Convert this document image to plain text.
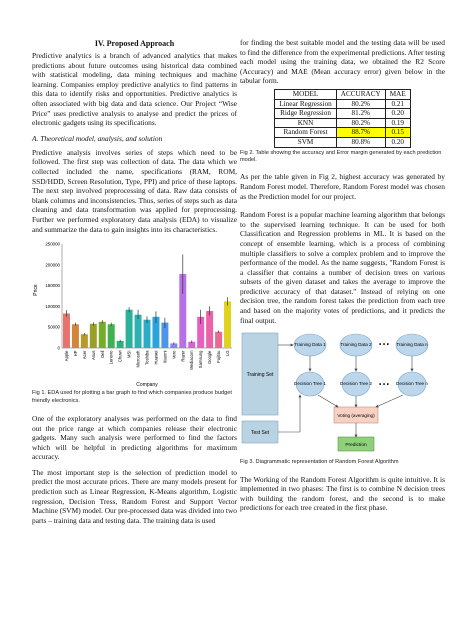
IV. Proposed Approach

Predictive analytics is a branch of advanced analytics that makes predictions about future outcomes using historical data combined with statistical modeling, data mining techniques and machine learning. Companies employ predictive analytics to find patterns in this data to identify risks and opportunities. Predictive analytics is often associated with big data and data science. Our Project “Wise Price” uses predictive analysis to analyse and predict the prices of electronic gadgets using its specifications.

A. Theoretical model, analysis, and solution

Predictive analysis involves series of steps which need to be followed. The first step was collection of data. The data which we collected included the name, specifications (RAM, ROM, SSD/HDD, Screen Resolution, Type, PPI) and price of these laptops. The next step involved preprocessing of data. Raw data consists of blank columns and inconsistencies. Thus, series of steps such as data cleaning and data transformation was applied for preprocessing. Further we performed exploratory data analysis (EDA) to visualize and summarize the data to gain insights into its characteristics.

Price
0
50000
100000
150000
200000
250000
Apple HP Acer Asus Dell Lenovo Chuwi MSI Microsoft Toshiba Huawei Xiaomi Vero Razer Mediacom Samsung Google Fujitsu LG
Company

Fig 1. EDA used for plotting a bar graph to find which companies produce budget friendly electronics.

One of the exploratory analyses was performed on the data to find out the price range at which companies release their electronic gadgets. Many such analysis were performed to find the factors which will be helpful in predicting algorithms for maximum accuracy.

The most important step is the selection of prediction model to predict the most accurate prices. There are many models present for prediction such as Linear Regression, K-Means algorithm, Logistic regression, Decision Tress, Random Forest and Support Vector Machine (SVM) model. Our pre-processed data was divided into two parts – training data and testing data. The training data is used

for finding the best suitable model and the testing data will be used to find the difference from the experimental predictions. After testing each model using the training data, we obtained the R2 Score (Accuracy) and MAE (Mean accuracy error) given below in the tabular form.

MODEL	ACCURACY	MAE
Linear Regression	80.2%	0.21
Ridge Regression	81.2%	0.20
KNN	80.2%	0.19
Random Forest	88.7%	0.15
SVM	80.8%	0.20

Fig 2. Table showing the accuracy and Error margin generated by each prediction model.

As per the table given in Fig 2, highest accuracy was generated by Random Forest model. Therefore, Random Forest model was chosen as the Prediction model for our project.

Random Forest is a popular machine learning algorithm that belongs to the supervised learning technique. It can be used for both Classification and Regression problems in ML. It is based on the concept of ensemble learning, which is a process of combining multiple classifiers to solve a complex problem and to improve the performance of the model. As the name suggests, "Random Forest is a classifier that contains a number of decision trees on various subsets of the given dataset and takes the average to improve the predictive accuracy of that dataset." Instead of relying on one decision tree, the random forest takes the prediction from each tree and based on the majority votes of predictions, and it predicts the final output.

Training Set
Test Set
Training Data 1	Training Data 2	Training Data n
• • •
Decision Tree 1	Decision Tree 2	Decision Tree n
• • •
Voting (averaging)
Prediction

Fig 3. Diagrammatic representation of Random Forest Algorithm

The Working of the Random Forest Algorithm is quite intuitive. It is implemented in two phases: The first is to combine N decision trees with building the random forest, and the second is to make predictions for each tree created in the first phase.
